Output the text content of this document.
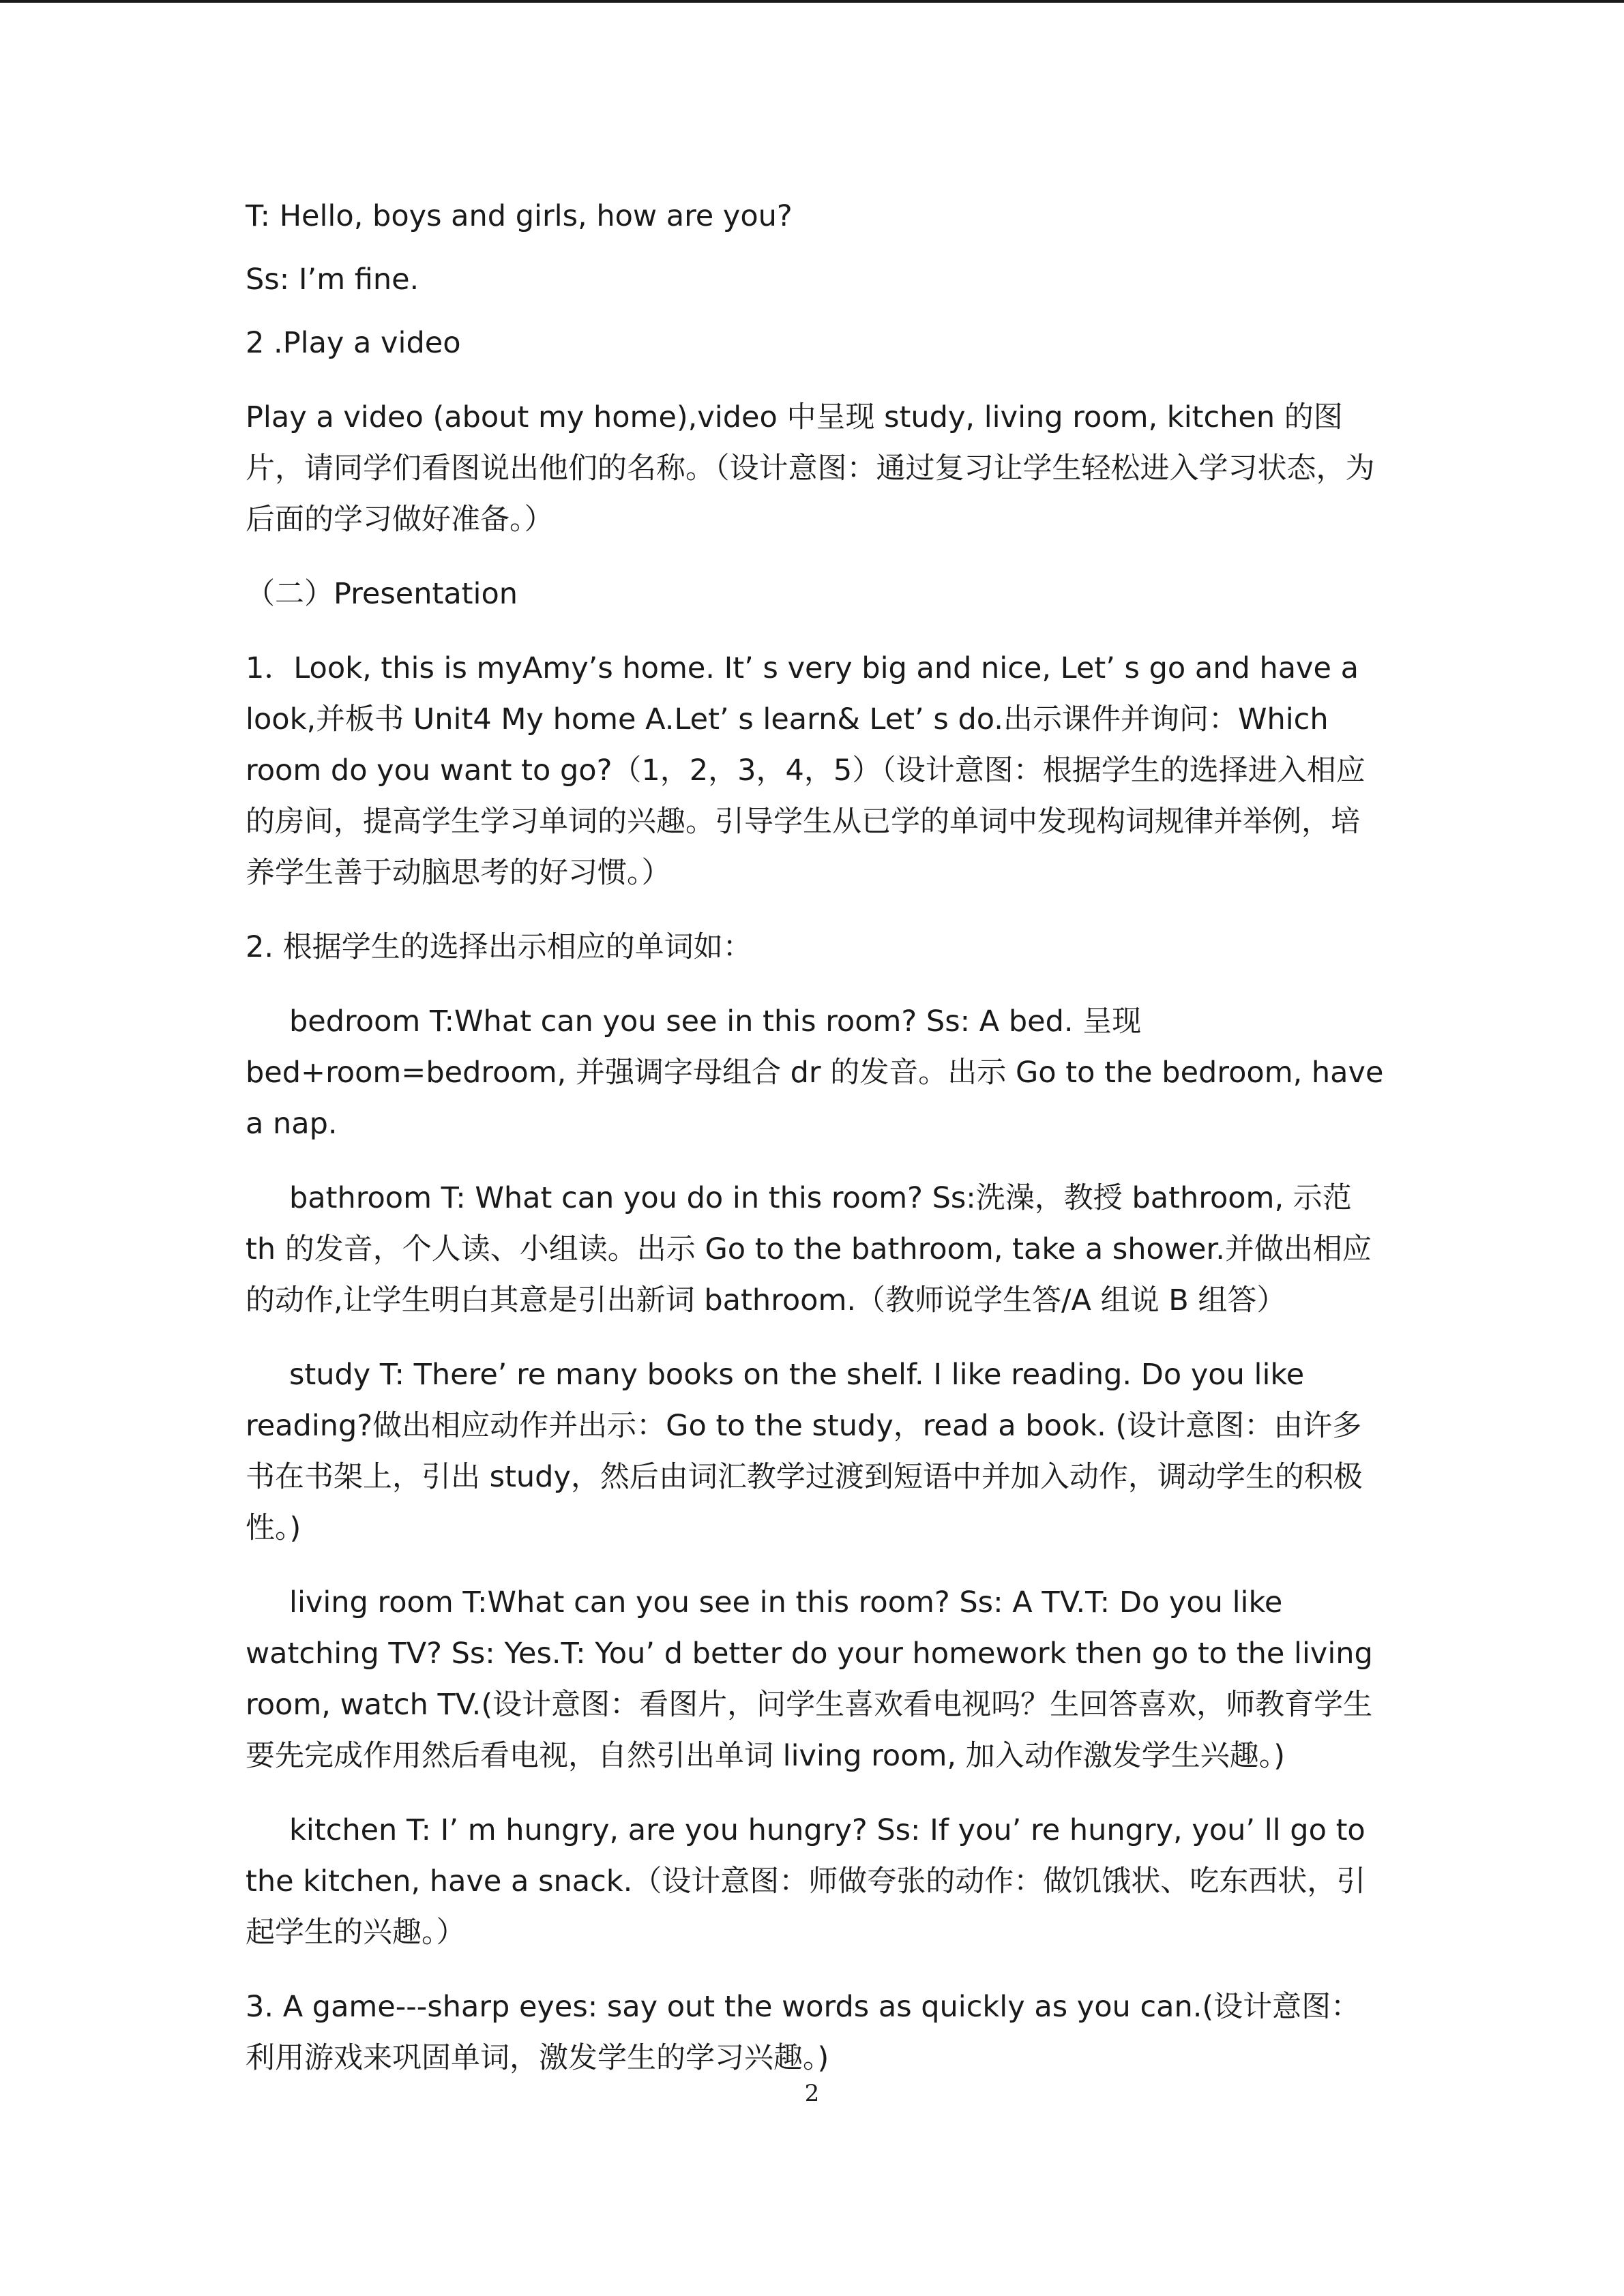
T: Hello, boys and girls, how are you?

Ss: I’m fine.

2 .Play a video

Play a video (about my home),video 中呈现 study, living room, kitchen 的图片，请同学们看图说出他们的名称。（设计意图：通过复习让学生轻松进入学习状态，为后面的学习做好准备。）

（二）Presentation

1．Look, this is myAmy’s home. It’ s very big and nice, Let’ s go and have a look,并板书 Unit4 My home A.Let’ s learn& Let’ s do.出示课件并询问：Which room do you want to go?（1，2，3，4，5）（设计意图：根据学生的选择进入相应的房间，提高学生学习单词的兴趣。引导学生从已学的单词中发现构词规律并举例，培养学生善于动脑思考的好习惯。）

2. 根据学生的选择出示相应的单词如：

bedroom T:What can you see in this room? Ss: A bed. 呈现 bed+room=bedroom, 并强调字母组合 dr 的发音。出示 Go to the bedroom, have a nap.

bathroom T: What can you do in this room? Ss:洗澡，教授 bathroom, 示范 th 的发音，个人读、小组读。出示 Go to the bathroom, take a shower.并做出相应的动作,让学生明白其意是引出新词 bathroom.（教师说学生答/A 组说 B 组答）

study T: There’ re many books on the shelf. I like reading. Do you like reading?做出相应动作并出示：Go to the study，read a book. (设计意图：由许多书在书架上，引出 study，然后由词汇教学过渡到短语中并加入动作，调动学生的积极性。)

living room T:What can you see in this room? Ss: A TV.T: Do you like watching TV? Ss: Yes.T: You’ d better do your homework then go to the living room, watch TV.(设计意图：看图片，问学生喜欢看电视吗？生回答喜欢，师教育学生要先完成作用然后看电视，自然引出单词 living room, 加入动作激发学生兴趣。)

kitchen T: I’ m hungry, are you hungry? Ss: If you’ re hungry, you’ ll go to the kitchen, have a snack.（设计意图：师做夸张的动作：做饥饿状、吃东西状，引起学生的兴趣。）

3. A game---sharp eyes: say out the words as quickly as you can.(设计意图：利用游戏来巩固单词，激发学生的学习兴趣。)

2
